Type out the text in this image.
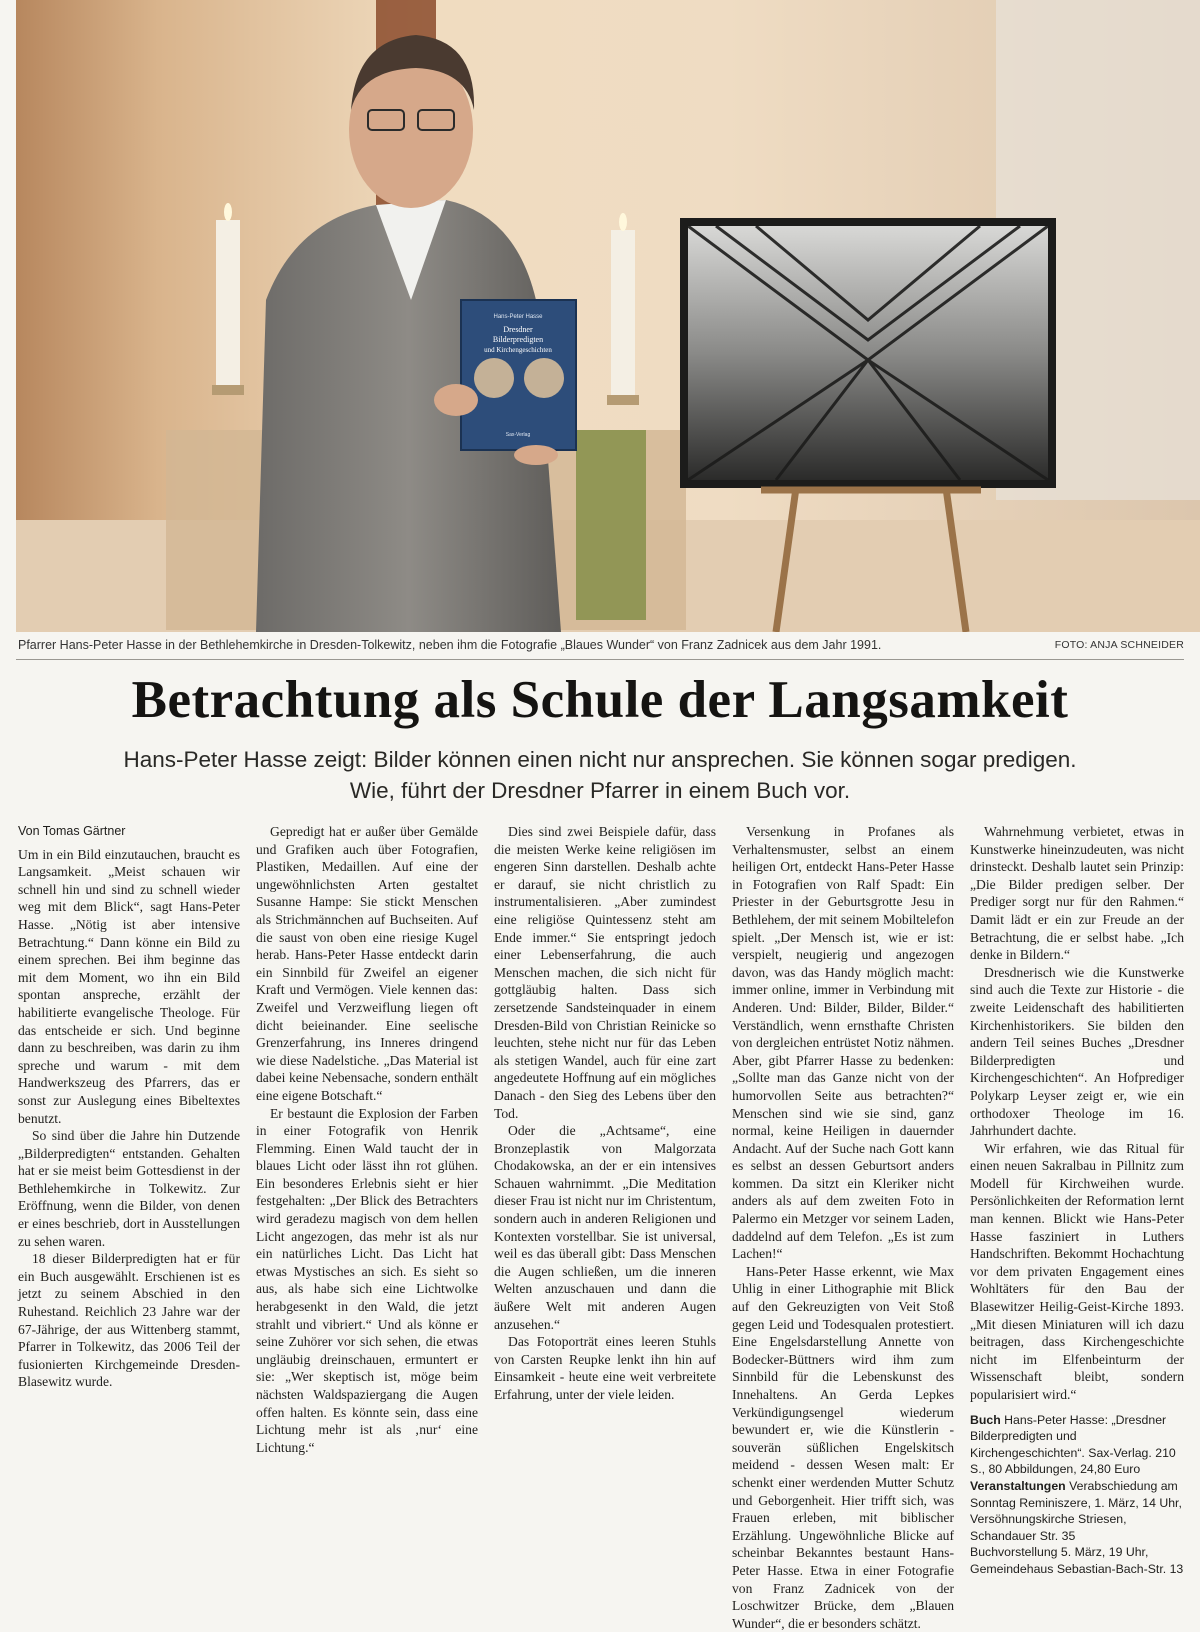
Hans-Peter Hasse
Dresdner
Bilderpredigten
und Kirchengeschichten
Sax-Verlag
Pfarrer Hans-Peter Hasse in der Bethlehemkirche in Dresden-Tolkewitz, neben ihm die Fotografie „Blaues Wunder“ von Franz Zadnicek aus dem Jahr 1991.	FOTO: ANJA SCHNEIDER
Betrachtung als Schule der Langsamkeit
Hans-Peter Hasse zeigt: Bilder können einen nicht nur ansprechen. Sie können sogar predigen.
Wie, führt der Dresdner Pfarrer in einem Buch vor.

Von Tomas Gärtner

Um in ein Bild einzutauchen, braucht es Langsamkeit. „Meist schauen wir schnell hin und sind zu schnell wieder weg mit dem Blick“, sagt Hans-Peter Hasse. „Nötig ist aber intensive Betrachtung.“ Dann könne ein Bild zu einem sprechen. Bei ihm beginne das mit dem Moment, wo ihn ein Bild spontan anspreche, erzählt der habilitierte evangelische Theologe. Für das entscheide er sich. Und beginne dann zu beschreiben, was darin zu ihm spreche und warum - mit dem Handwerkszeug des Pfarrers, das er sonst zur Auslegung eines Bibeltextes benutzt.

So sind über die Jahre hin Dutzende „Bilderpredigten“ entstanden. Gehalten hat er sie meist beim Gottesdienst in der Bethlehemkirche in Tolkewitz. Zur Eröffnung, wenn die Bilder, von denen er eines beschrieb, dort in Ausstellungen zu sehen waren.

18 dieser Bilderpredigten hat er für ein Buch ausgewählt. Erschienen ist es jetzt zu seinem Abschied in den Ruhestand. Reichlich 23 Jahre war der 67-Jährige, der aus Wittenberg stammt, Pfarrer in Tolkewitz, das 2006 Teil der fusionierten Kirchgemeinde Dresden-Blasewitz wurde.

Gepredigt hat er außer über Gemälde und Grafiken auch über Fotografien, Plastiken, Medaillen. Auf eine der ungewöhnlichsten Arten gestaltet Susanne Hampe: Sie stickt Menschen als Strichmännchen auf Buchseiten. Auf die saust von oben eine riesige Kugel herab. Hans-Peter Hasse entdeckt darin ein Sinnbild für Zweifel an eigener Kraft und Vermögen. Viele kennen das: Zweifel und Verzweiflung liegen oft dicht beieinander. Eine seelische Grenzerfahrung, ins Inneres dringend wie diese Nadelstiche. „Das Material ist dabei keine Nebensache, sondern enthält eine eigene Botschaft.“

Er bestaunt die Explosion der Farben in einer Fotografik von Henrik Flemming. Einen Wald taucht der in blaues Licht oder lässt ihn rot glühen. Ein besonderes Erlebnis sieht er hier festgehalten: „Der Blick des Betrachters wird geradezu magisch von dem hellen Licht angezogen, das mehr ist als nur ein natürliches Licht. Das Licht hat etwas Mystisches an sich. Es sieht so aus, als habe sich eine Lichtwolke herabgesenkt in den Wald, die jetzt strahlt und vibriert.“ Und als könne er seine Zuhörer vor sich sehen, die etwas ungläubig dreinschauen, ermuntert er sie: „Wer skeptisch ist, möge beim nächsten Waldspaziergang die Augen offen halten. Es könnte sein, dass eine Lichtung mehr ist als ‚nur‘ eine Lichtung.“

Dies sind zwei Beispiele dafür, dass die meisten Werke keine religiösen im engeren Sinn darstellen. Deshalb achte er darauf, sie nicht christlich zu instrumentalisieren. „Aber zumindest eine religiöse Quintessenz steht am Ende immer.“ Sie entspringt jedoch einer Lebenserfahrung, die auch Menschen machen, die sich nicht für gottgläubig halten. Dass sich zersetzende Sandsteinquader in einem Dresden-Bild von Christian Reinicke so leuchten, stehe nicht nur für das Leben als stetigen Wandel, auch für eine zart angedeutete Hoffnung auf ein mögliches Danach - den Sieg des Lebens über den Tod.

Oder die „Achtsame“, eine Bronzeplastik von Malgorzata Chodakowska, an der er ein intensives Schauen wahrnimmt. „Die Meditation dieser Frau ist nicht nur im Christentum, sondern auch in anderen Religionen und Kontexten vorstellbar. Sie ist universal, weil es das überall gibt: Dass Menschen die Augen schließen, um die inneren Welten anzuschauen und dann die äußere Welt mit anderen Augen anzusehen.“

Das Fotoporträt eines leeren Stuhls von Carsten Reupke lenkt ihn hin auf Einsamkeit - heute eine weit verbreitete Erfahrung, unter der viele leiden.

Versenkung in Profanes als Verhaltensmuster, selbst an einem heiligen Ort, entdeckt Hans-Peter Hasse in Fotografien von Ralf Spadt: Ein Priester in der Geburtsgrotte Jesu in Bethlehem, der mit seinem Mobiltelefon spielt. „Der Mensch ist, wie er ist: verspielt, neugierig und angezogen davon, was das Handy möglich macht: immer online, immer in Verbindung mit Anderen. Und: Bilder, Bilder, Bilder.“ Verständlich, wenn ernsthafte Christen von dergleichen entrüstet Notiz nähmen. Aber, gibt Pfarrer Hasse zu bedenken: „Sollte man das Ganze nicht von der humorvollen Seite aus betrachten?“ Menschen sind wie sie sind, ganz normal, keine Heiligen in dauernder Andacht. Auf der Suche nach Gott kann es selbst an dessen Geburtsort anders kommen. Da sitzt ein Kleriker nicht anders als auf dem zweiten Foto in Palermo ein Metzger vor seinem Laden, daddelnd auf dem Telefon. „Es ist zum Lachen!“

Hans-Peter Hasse erkennt, wie Max Uhlig in einer Lithographie mit Blick auf den Gekreuzigten von Veit Stoß gegen Leid und Todesqualen protestiert. Eine Engelsdarstellung Annette von Bodecker-Büttners wird ihm zum Sinnbild für die Lebenskunst des Innehaltens. An Gerda Lepkes Verkündigungsengel wiederum bewundert er, wie die Künstlerin - souverän süßlichen Engelskitsch meidend - dessen Wesen malt: Er schenkt einer werdenden Mutter Schutz und Geborgenheit. Hier trifft sich, was Frauen erleben, mit biblischer Erzählung. Ungewöhnliche Blicke auf scheinbar Bekanntes bestaunt Hans-Peter Hasse. Etwa in einer Fotografie von Franz Zadnicek von der Loschwitzer Brücke, dem „Blauen Wunder“, die er besonders schätzt.

Wahrnehmung verbietet, etwas in Kunstwerke hineinzudeuten, was nicht drinsteckt. Deshalb lautet sein Prinzip: „Die Bilder predigen selber. Der Prediger sorgt nur für den Rahmen.“ Damit lädt er ein zur Freude an der Betrachtung, die er selbst habe. „Ich denke in Bildern.“

Dresdnerisch wie die Kunstwerke sind auch die Texte zur Historie - die zweite Leidenschaft des habilitierten Kirchenhistorikers. Sie bilden den andern Teil seines Buches „Dresdner Bilderpredigten und Kirchengeschichten“. An Hofprediger Polykarp Leyser zeigt er, wie ein orthodoxer Theologe im 16. Jahrhundert dachte.

Wir erfahren, wie das Ritual für einen neuen Sakralbau in Pillnitz zum Modell für Kirchweihen wurde. Persönlichkeiten der Reformation lernt man kennen. Blickt wie Hans-Peter Hasse fasziniert in Luthers Handschriften. Bekommt Hochachtung vor dem privaten Engagement eines Wohltäters für den Bau der Blasewitzer Heilig-Geist-Kirche 1893. „Mit diesen Miniaturen will ich dazu beitragen, dass Kirchengeschichte nicht im Elfenbeinturm der Wissenschaft bleibt, sondern popularisiert wird.“

Buch Hans-Peter Hasse: „Dresdner Bilderpredigten und Kirchengeschichten“. Sax-Verlag. 210 S., 80 Abbildungen, 24,80 Euro

Veranstaltungen Verabschiedung am Sonntag Reminiszere, 1. März, 14 Uhr, Versöhnungskirche Striesen, Schandauer Str. 35

Buchvorstellung 5. März, 19 Uhr, Gemeindehaus Sebastian-Bach-Str. 13
